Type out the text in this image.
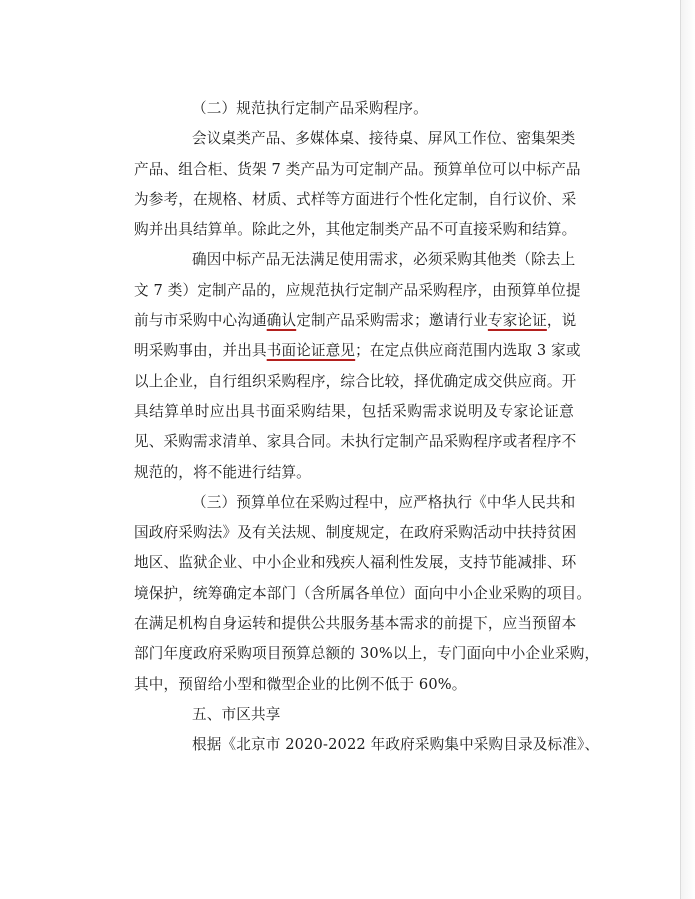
（二）规范执行定制产品采购程序。
会议桌类产品、多媒体桌、接待桌、屏风工作位、密集架类
产品、组合柜、货架 7 类产品为可定制产品。预算单位可以中标产品
为参考，在规格、材质、式样等方面进行个性化定制，自行议价、采
购并出具结算单。除此之外，其他定制类产品不可直接采购和结算。
确因中标产品无法满足使用需求，必须采购其他类（除去上
文 7 类）定制产品的，应规范执行定制产品采购程序，由预算单位提
前与市采购中心沟通确认定制产品采购需求；邀请行业专家论证，说
明采购事由，并出具书面论证意见；在定点供应商范围内选取 3 家或
以上企业，自行组织采购程序，综合比较，择优确定成交供应商。开
具结算单时应出具书面采购结果，包括采购需求说明及专家论证意
见、采购需求清单、家具合同。未执行定制产品采购程序或者程序不
规范的，将不能进行结算。
（三）预算单位在采购过程中，应严格执行《中华人民共和
国政府采购法》及有关法规、制度规定，在政府采购活动中扶持贫困
地区、监狱企业、中小企业和残疾人福利性发展，支持节能减排、环
境保护，统筹确定本部门（含所属各单位）面向中小企业采购的项目。
在满足机构自身运转和提供公共服务基本需求的前提下，应当预留本
部门年度政府采购项目预算总额的 30%以上，专门面向中小企业采购，
其中，预留给小型和微型企业的比例不低于 60%。
五、市区共享
根据《北京市 2020-2022 年政府采购集中采购目录及标准》、
